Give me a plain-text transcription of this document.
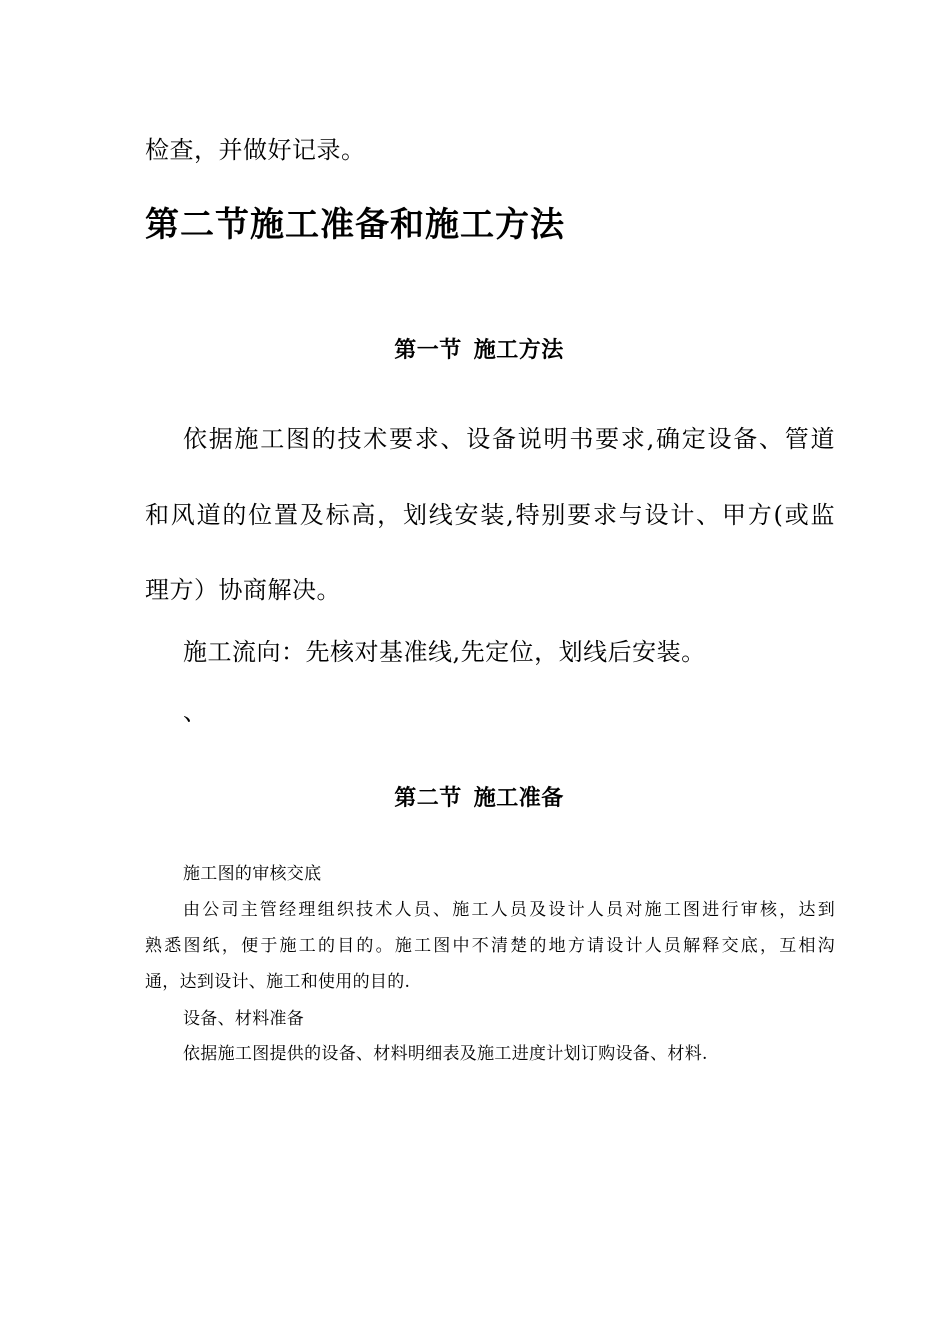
检查，并做好记录。

第二节施工准备和施工方法
第一节 施工方法

依据施工图的技术要求、设备说明书要求,确定设备、管道

和风道的位置及标高，划线安装,特别要求与设计、甲方(或监

理方）协商解决。

施工流向：先核对基准线,先定位，划线后安装。

、

第二节 施工准备

施工图的审核交底

由公司主管经理组织技术人员、施工人员及设计人员对施工图进行审核，达到

熟悉图纸，便于施工的目的。施工图中不清楚的地方请设计人员解释交底，互相沟

通，达到设计、施工和使用的目的.

设备、材料准备

依据施工图提供的设备、材料明细表及施工进度计划订购设备、材料.
